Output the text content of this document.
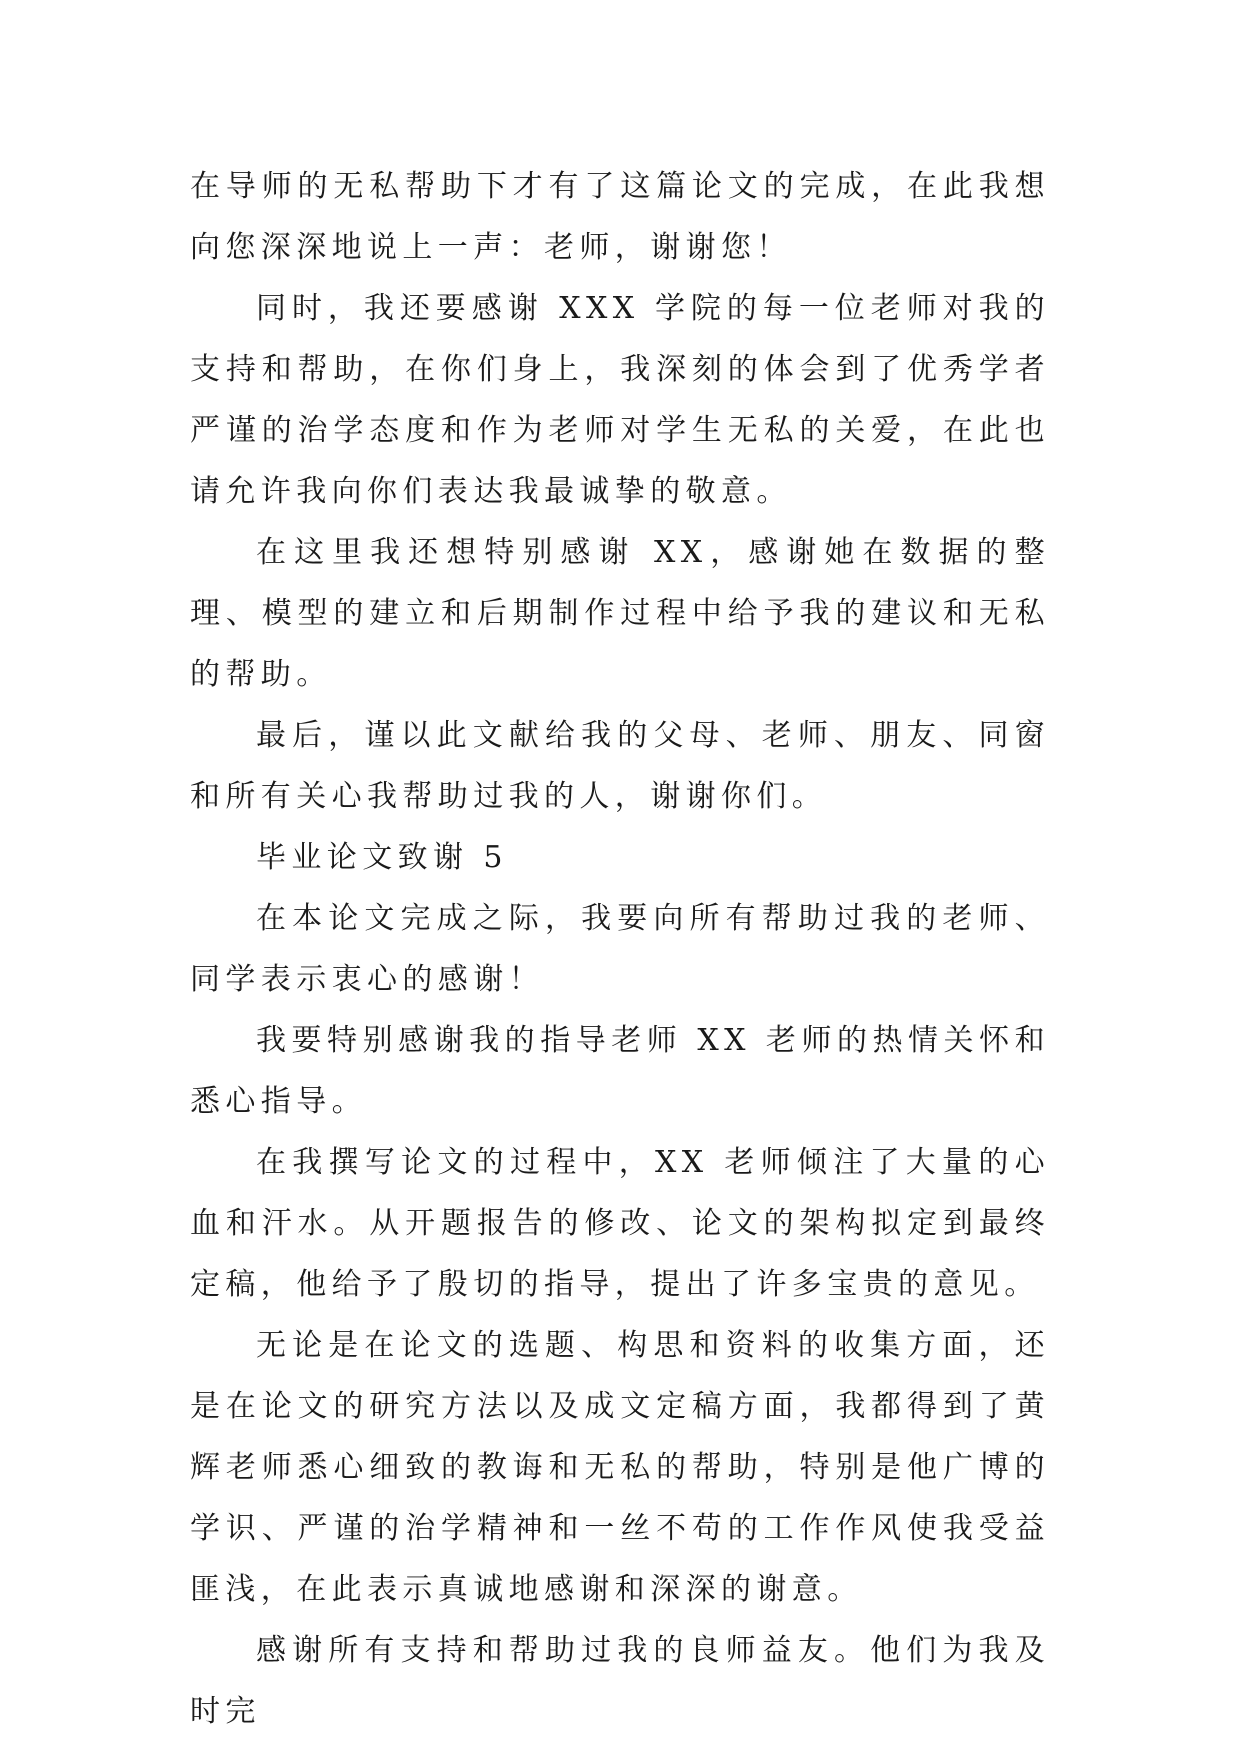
在导师的无私帮助下才有了这篇论文的完成，在此我想向您深深地说上一声：老师，谢谢您！

同时，我还要感谢 XXX 学院的每一位老师对我的支持和帮助，在你们身上，我深刻的体会到了优秀学者严谨的治学态度和作为老师对学生无私的关爱，在此也请允许我向你们表达我最诚挚的敬意。

在这里我还想特别感谢 XX，感谢她在数据的整理、模型的建立和后期制作过程中给予我的建议和无私的帮助。

最后，谨以此文献给我的父母、老师、朋友、同窗和所有关心我帮助过我的人，谢谢你们。

毕业论文致谢 5

在本论文完成之际，我要向所有帮助过我的老师、同学表示衷心的感谢！

我要特别感谢我的指导老师 XX 老师的热情关怀和悉心指导。

在我撰写论文的过程中，XX 老师倾注了大量的心血和汗水。从开题报告的修改、论文的架构拟定到最终定稿，他给予了殷切的指导，提出了许多宝贵的意见。

无论是在论文的选题、构思和资料的收集方面，还是在论文的研究方法以及成文定稿方面，我都得到了黄辉老师悉心细致的教诲和无私的帮助，特别是他广博的学识、严谨的治学精神和一丝不苟的工作作风使我受益匪浅，在此表示真诚地感谢和深深的谢意。

感谢所有支持和帮助过我的良师益友。他们为我及时完
